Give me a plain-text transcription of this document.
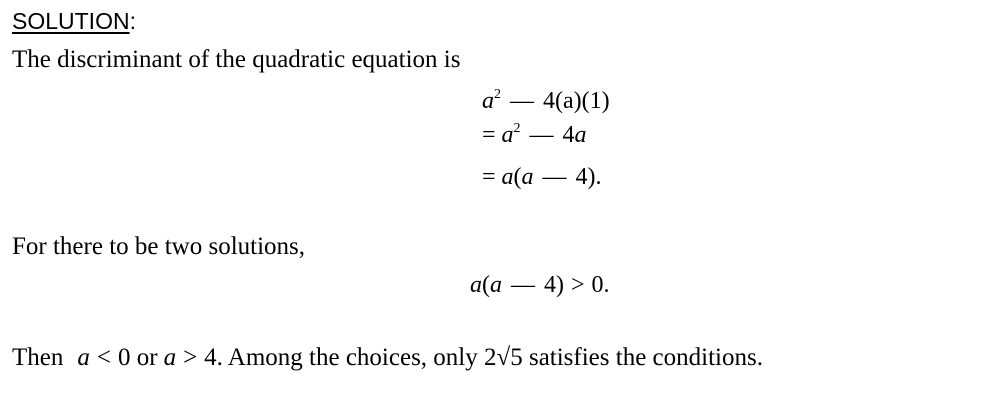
SOLUTION:
The discriminant of the quadratic equation is
$a^2$ — 4(a)(1)
= $a^2$ — 4a
= a(a — 4).
For there to be two solutions,
a(a — 4) > 0.
Then a < 0 or a > 4. Among the choices, only 2√5 satisfies the conditions.
